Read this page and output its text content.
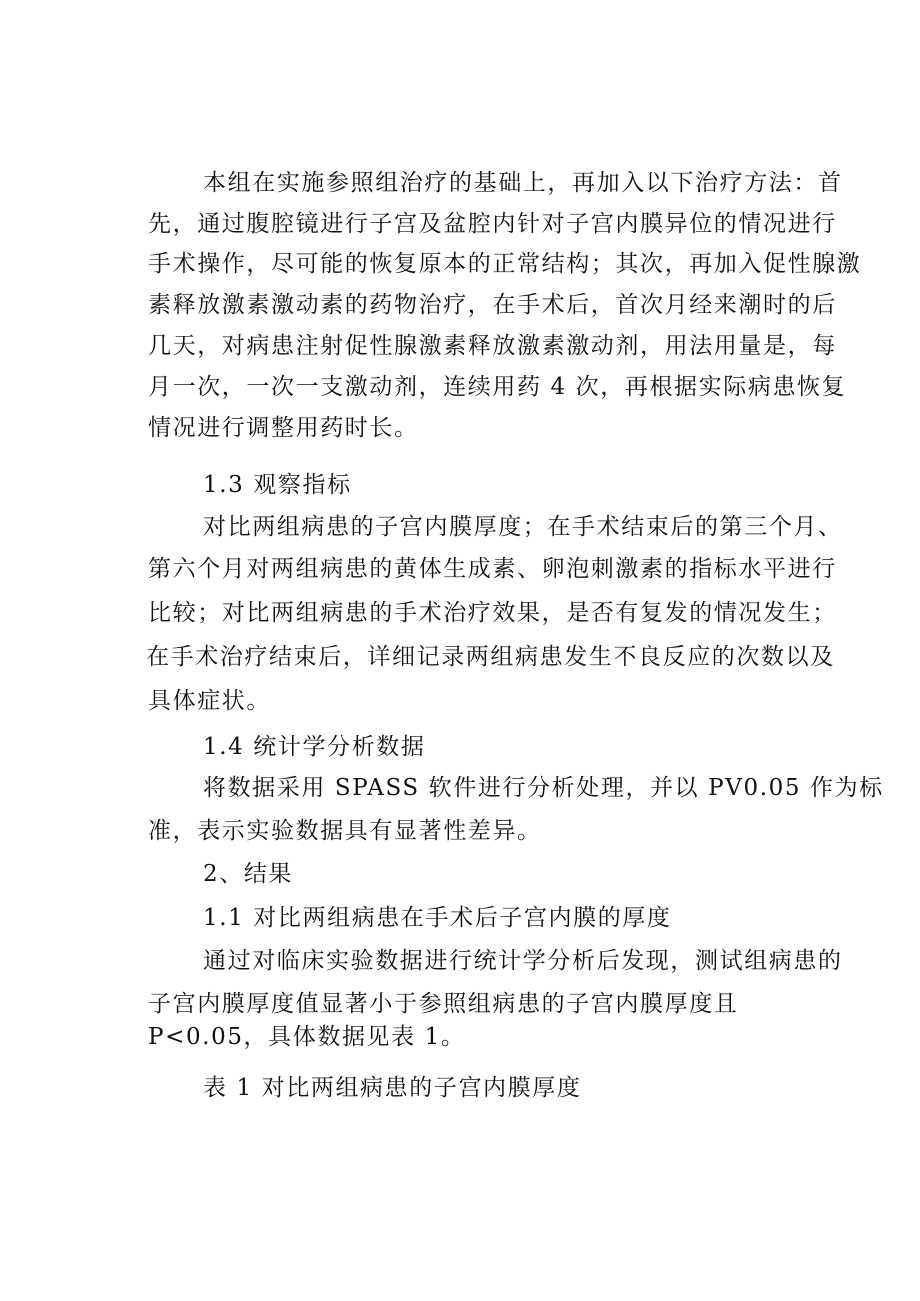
本组在实施参照组治疗的基础上，再加入以下治疗方法：首
先，通过腹腔镜进行子宫及盆腔内针对子宫内膜异位的情况进行
手术操作，尽可能的恢复原本的正常结构；其次，再加入促性腺激
素释放激素激动素的药物治疗，在手术后，首次月经来潮时的后
几天，对病患注射促性腺激素释放激素激动剂，用法用量是，每
月一次，一次一支激动剂，连续用药 4 次，再根据实际病患恢复
情况进行调整用药时长。
1.3 观察指标
对比两组病患的子宫内膜厚度；在手术结束后的第三个月、
第六个月对两组病患的黄体生成素、卵泡刺激素的指标水平进行
比较；对比两组病患的手术治疗效果，是否有复发的情况发生；
在手术治疗结束后，详细记录两组病患发生不良反应的次数以及
具体症状。
1.4 统计学分析数据
将数据采用 SPASS 软件进行分析处理，并以 PV0.05 作为标
准，表示实验数据具有显著性差异。
2、结果
1.1 对比两组病患在手术后子宫内膜的厚度
通过对临床实验数据进行统计学分析后发现，测试组病患的
子宫内膜厚度值显著小于参照组病患的子宫内膜厚度且
P<0.05，具体数据见表 1。
表 1 对比两组病患的子宫内膜厚度
